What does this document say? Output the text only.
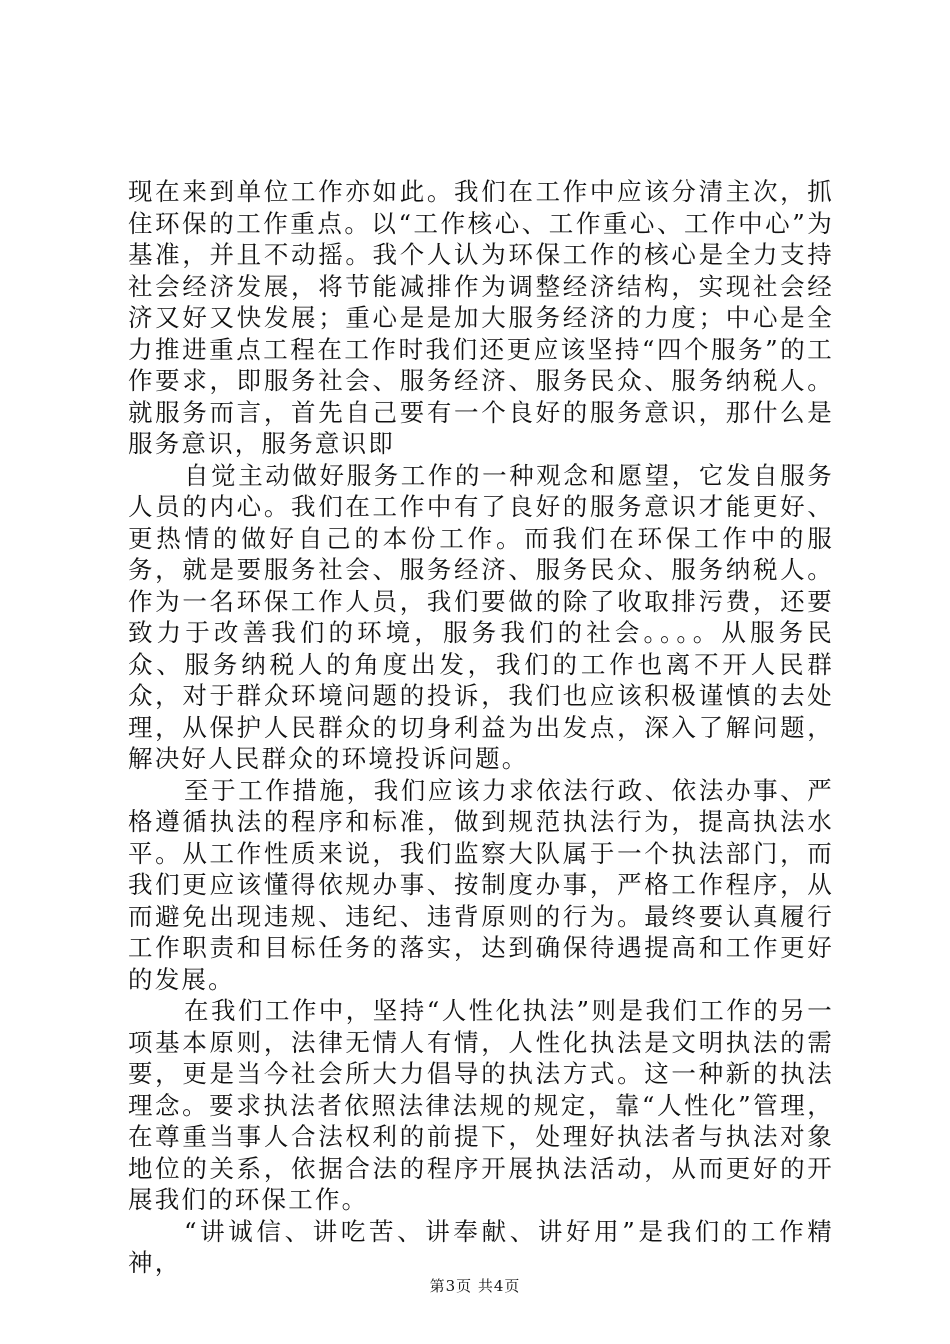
现在来到单位工作亦如此。我们在工作中应该分清主次，抓住环保的工作重点。以“工作核心、工作重心、工作中心”为基准，并且不动摇。我个人认为环保工作的核心是全力支持社会经济发展，将节能减排作为调整经济结构，实现社会经济又好又快发展；重心是是加大服务经济的力度；中心是全力推进重点工程在工作时我们还更应该坚持“四个服务”的工作要求，即服务社会、服务经济、服务民众、服务纳税人。就服务而言，首先自己要有一个良好的服务意识，那什么是服务意识，服务意识即

自觉主动做好服务工作的一种观念和愿望，它发自服务人员的内心。我们在工作中有了良好的服务意识才能更好、更热情的做好自己的本份工作。而我们在环保工作中的服务，就是要服务社会、服务经济、服务民众、服务纳税人。作为一名环保工作人员，我们要做的除了收取排污费，还要致力于改善我们的环境，服务我们的社会。。。。从服务民众、服务纳税人的角度出发，我们的工作也离不开人民群众，对于群众环境问题的投诉，我们也应该积极谨慎的去处理，从保护人民群众的切身利益为出发点，深入了解问题，解决好人民群众的环境投诉问题。

至于工作措施，我们应该力求依法行政、依法办事、严格遵循执法的程序和标准，做到规范执法行为，提高执法水平。从工作性质来说，我们监察大队属于一个执法部门，而我们更应该懂得依规办事、按制度办事，严格工作程序，从而避免出现违规、违纪、违背原则的行为。最终要认真履行工作职责和目标任务的落实，达到确保待遇提高和工作更好的发展。

在我们工作中，坚持“人性化执法”则是我们工作的另一项基本原则，法律无情人有情，人性化执法是文明执法的需要，更是当今社会所大力倡导的执法方式。这一种新的执法理念。要求执法者依照法律法规的规定，靠“人性化”管理，在尊重当事人合法权利的前提下，处理好执法者与执法对象地位的关系，依据合法的程序开展执法活动，从而更好的开展我们的环保工作。

“讲诚信、讲吃苦、讲奉献、讲好用”是我们的工作精神，

第3页 共4页
